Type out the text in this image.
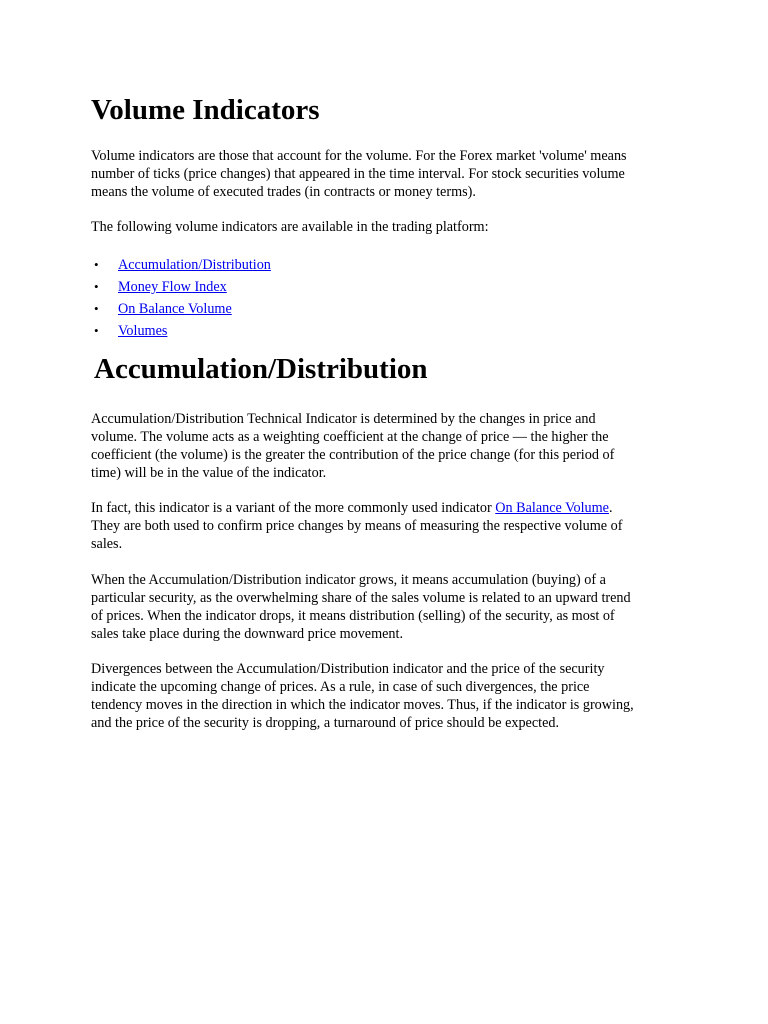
Volume Indicators

Volume indicators are those that account for the volume. For the Forex market 'volume' means
number of ticks (price changes) that appeared in the time interval. For stock securities volume
means the volume of executed trades (in contracts or money terms).

The following volume indicators are available in the trading platform:

• Accumulation/Distribution
• Money Flow Index
• On Balance Volume
• Volumes
Accumulation/Distribution

Accumulation/Distribution Technical Indicator is determined by the changes in price and
volume. The volume acts as a weighting coefficient at the change of price — the higher the
coefficient (the volume) is the greater the contribution of the price change (for this period of
time) will be in the value of the indicator.

In fact, this indicator is a variant of the more commonly used indicator On Balance Volume.
They are both used to confirm price changes by means of measuring the respective volume of
sales.

When the Accumulation/Distribution indicator grows, it means accumulation (buying) of a
particular security, as the overwhelming share of the sales volume is related to an upward trend
of prices. When the indicator drops, it means distribution (selling) of the security, as most of
sales take place during the downward price movement.

Divergences between the Accumulation/Distribution indicator and the price of the security
indicate the upcoming change of prices. As a rule, in case of such divergences, the price
tendency moves in the direction in which the indicator moves. Thus, if the indicator is growing,
and the price of the security is dropping, a turnaround of price should be expected.
